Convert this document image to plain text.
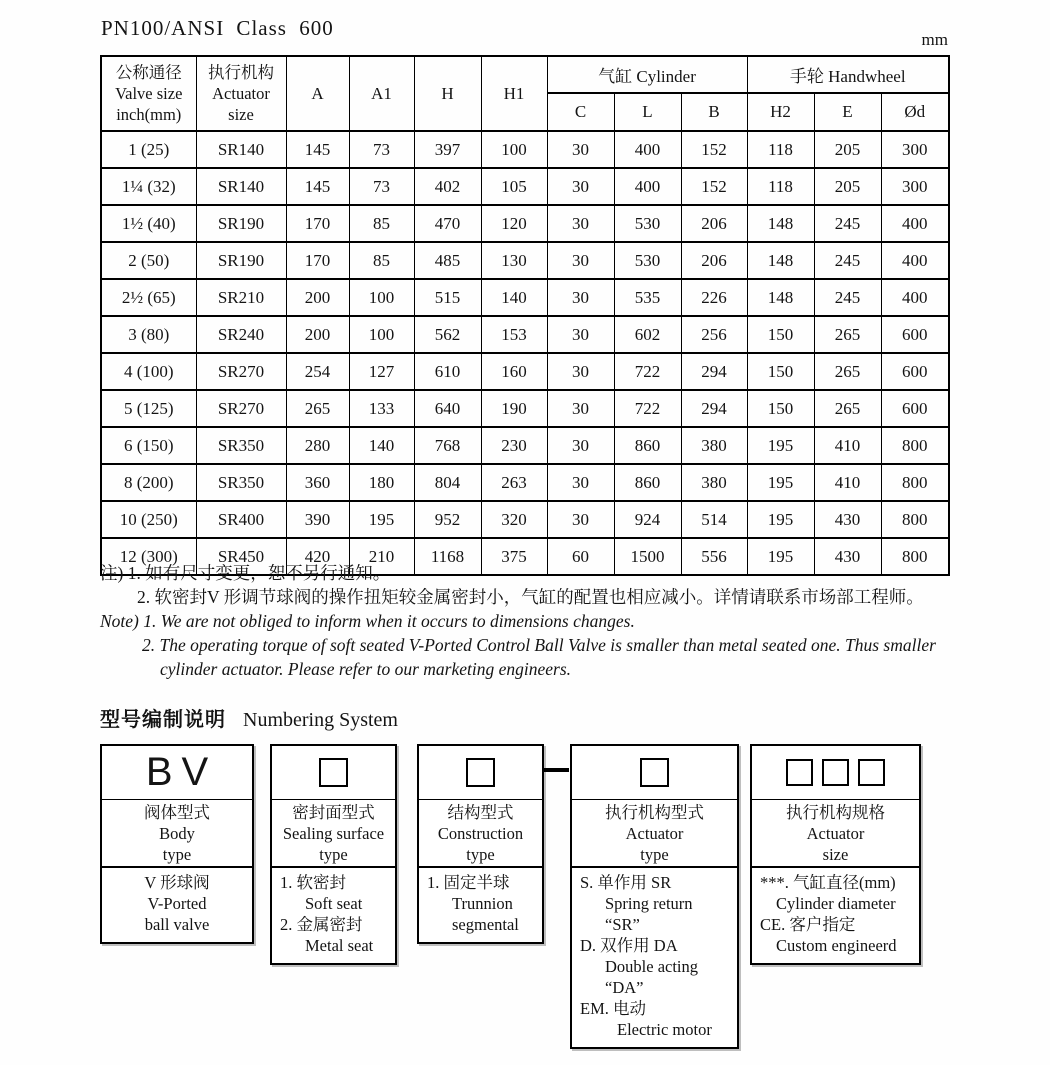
PN100/ANSI Class 600	mm
公称通径
Valve size
inch(mm)

执行机构
Actuator
size
	A	A1	H	H1	气缸 Cylinder	手轮 Handwheel
						C	L	B	H2	E	Ød
1 (25)	SR140	145	73	397	100	30	400	152	118	205	300
1¼ (32)	SR140	145	73	402	105	30	400	152	118	205	300
1½ (40)	SR190	170	85	470	120	30	530	206	148	245	400
2 (50)	SR190	170	85	485	130	30	530	206	148	245	400
2½ (65)	SR210	200	100	515	140	30	535	226	148	245	400
3 (80)	SR240	200	100	562	153	30	602	256	150	265	600
4 (100)	SR270	254	127	610	160	30	722	294	150	265	600
5 (125)	SR270	265	133	640	190	30	722	294	150	265	600
6 (150)	SR350	280	140	768	230	30	860	380	195	410	800
8 (200)	SR350	360	180	804	263	30	860	380	195	410	800
10 (250)	SR400	390	195	952	320	30	924	514	195	430	800
12 (300)	SR450	420	210	1168	375	60	1500	556	195	430	800
注) 1. 如有尺寸变更，恕不另行通知。
2. 软密封V 形调节球阀的操作扭矩较金属密封小，气缸的配置也相应减小。详情请联系市场部工程师。
Note) 1. We are not obliged to inform when it occurs to dimensions changes.
2. The operating torque of soft seated V-Ported Control Ball Valve is smaller than metal seated one. Thus smaller
cylinder actuator. Please refer to our marketing engineers.
型号编制说明 Numbering System
BV
阀体型式
Body
type
V 形球阀
V-Ported
ball valve
密封面型式
Sealing surface
type
1. 软密封
Soft seat
2. 金属密封
Metal seat
结构型式
Construction
type
1. 固定半球
Trunnion
segmental
执行机构型式
Actuator
type
S. 单作用 SR
Spring return
“SR”
D. 双作用 DA
Double acting
“DA”
EM. 电动
Electric motor
执行机构规格
Actuator
size
***. 气缸直径(mm)
Cylinder diameter
CE. 客户指定
Custom engineerd
